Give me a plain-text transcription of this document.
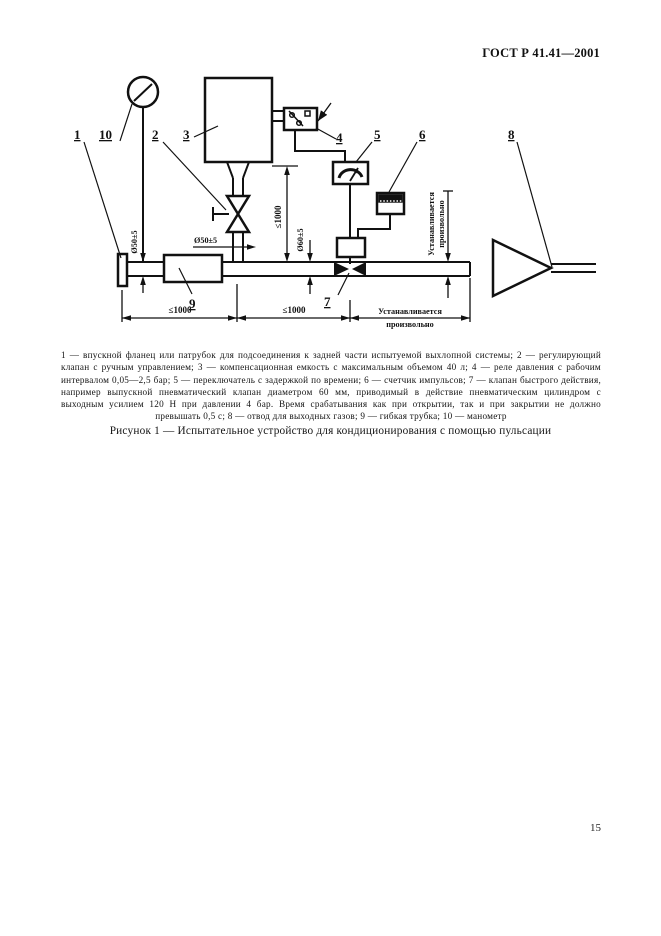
ГОСТ Р 41.41—2001
≤1000
Ø50±5
Ø50±5	Ø60±5	Устанавливается произвольно
≤1000	≤1000	Устанавливается
произвольно
1 10	2 3	4 5	6	8
7
9
1 — впускной фланец или патрубок для подсоединения к задней части испытуемой выхлопной системы; 2 — регулирующий
клапан с ручным управлением; 3 — компенсационная емкость с максимальным объемом 40 л; 4 — реле давления с рабочим
интервалом 0,05—2,5 бар; 5 — переключатель с задержкой по времени; 6 — счетчик импульсов; 7 — клапан быстрого действия,
например выпускной пневматический клапан диаметром 60 мм, приводимый в действие пневматическим цилиндром с
выходным усилием 120 Н при давлении 4 бар. Время срабатывания как при открытии, так и при закрытии не должно
превышать 0,5 с; 8 — отвод для выходных газов; 9 — гибкая трубка; 10 — манометр
Рисунок 1 — Испытательное устройство для кондиционирования с помощью пульсации
15
